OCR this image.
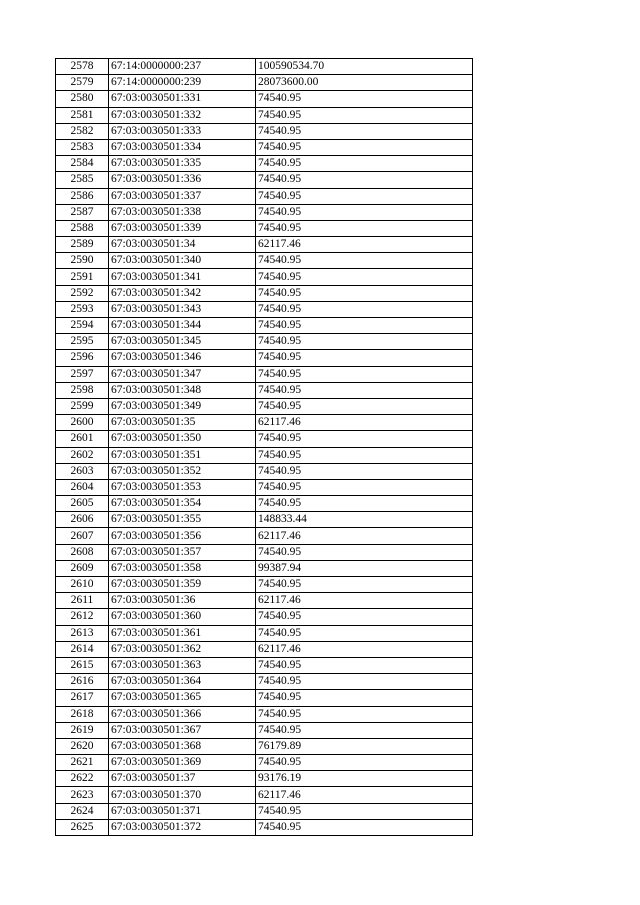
2578	67:14:0000000:237	100590534.70
2579	67:14:0000000:239	28073600.00
2580	67:03:0030501:331	74540.95
2581	67:03:0030501:332	74540.95
2582	67:03:0030501:333	74540.95
2583	67:03:0030501:334	74540.95
2584	67:03:0030501:335	74540.95
2585	67:03:0030501:336	74540.95
2586	67:03:0030501:337	74540.95
2587	67:03:0030501:338	74540.95
2588	67:03:0030501:339	74540.95
2589	67:03:0030501:34	62117.46
2590	67:03:0030501:340	74540.95
2591	67:03:0030501:341	74540.95
2592	67:03:0030501:342	74540.95
2593	67:03:0030501:343	74540.95
2594	67:03:0030501:344	74540.95
2595	67:03:0030501:345	74540.95
2596	67:03:0030501:346	74540.95
2597	67:03:0030501:347	74540.95
2598	67:03:0030501:348	74540.95
2599	67:03:0030501:349	74540.95
2600	67:03:0030501:35	62117.46
2601	67:03:0030501:350	74540.95
2602	67:03:0030501:351	74540.95
2603	67:03:0030501:352	74540.95
2604	67:03:0030501:353	74540.95
2605	67:03:0030501:354	74540.95
2606	67:03:0030501:355	148833.44
2607	67:03:0030501:356	62117.46
2608	67:03:0030501:357	74540.95
2609	67:03:0030501:358	99387.94
2610	67:03:0030501:359	74540.95
2611	67:03:0030501:36	62117.46
2612	67:03:0030501:360	74540.95
2613	67:03:0030501:361	74540.95
2614	67:03:0030501:362	62117.46
2615	67:03:0030501:363	74540.95
2616	67:03:0030501:364	74540.95
2617	67:03:0030501:365	74540.95
2618	67:03:0030501:366	74540.95
2619	67:03:0030501:367	74540.95
2620	67:03:0030501:368	76179.89
2621	67:03:0030501:369	74540.95
2622	67:03:0030501:37	93176.19
2623	67:03:0030501:370	62117.46
2624	67:03:0030501:371	74540.95
2625	67:03:0030501:372	74540.95
